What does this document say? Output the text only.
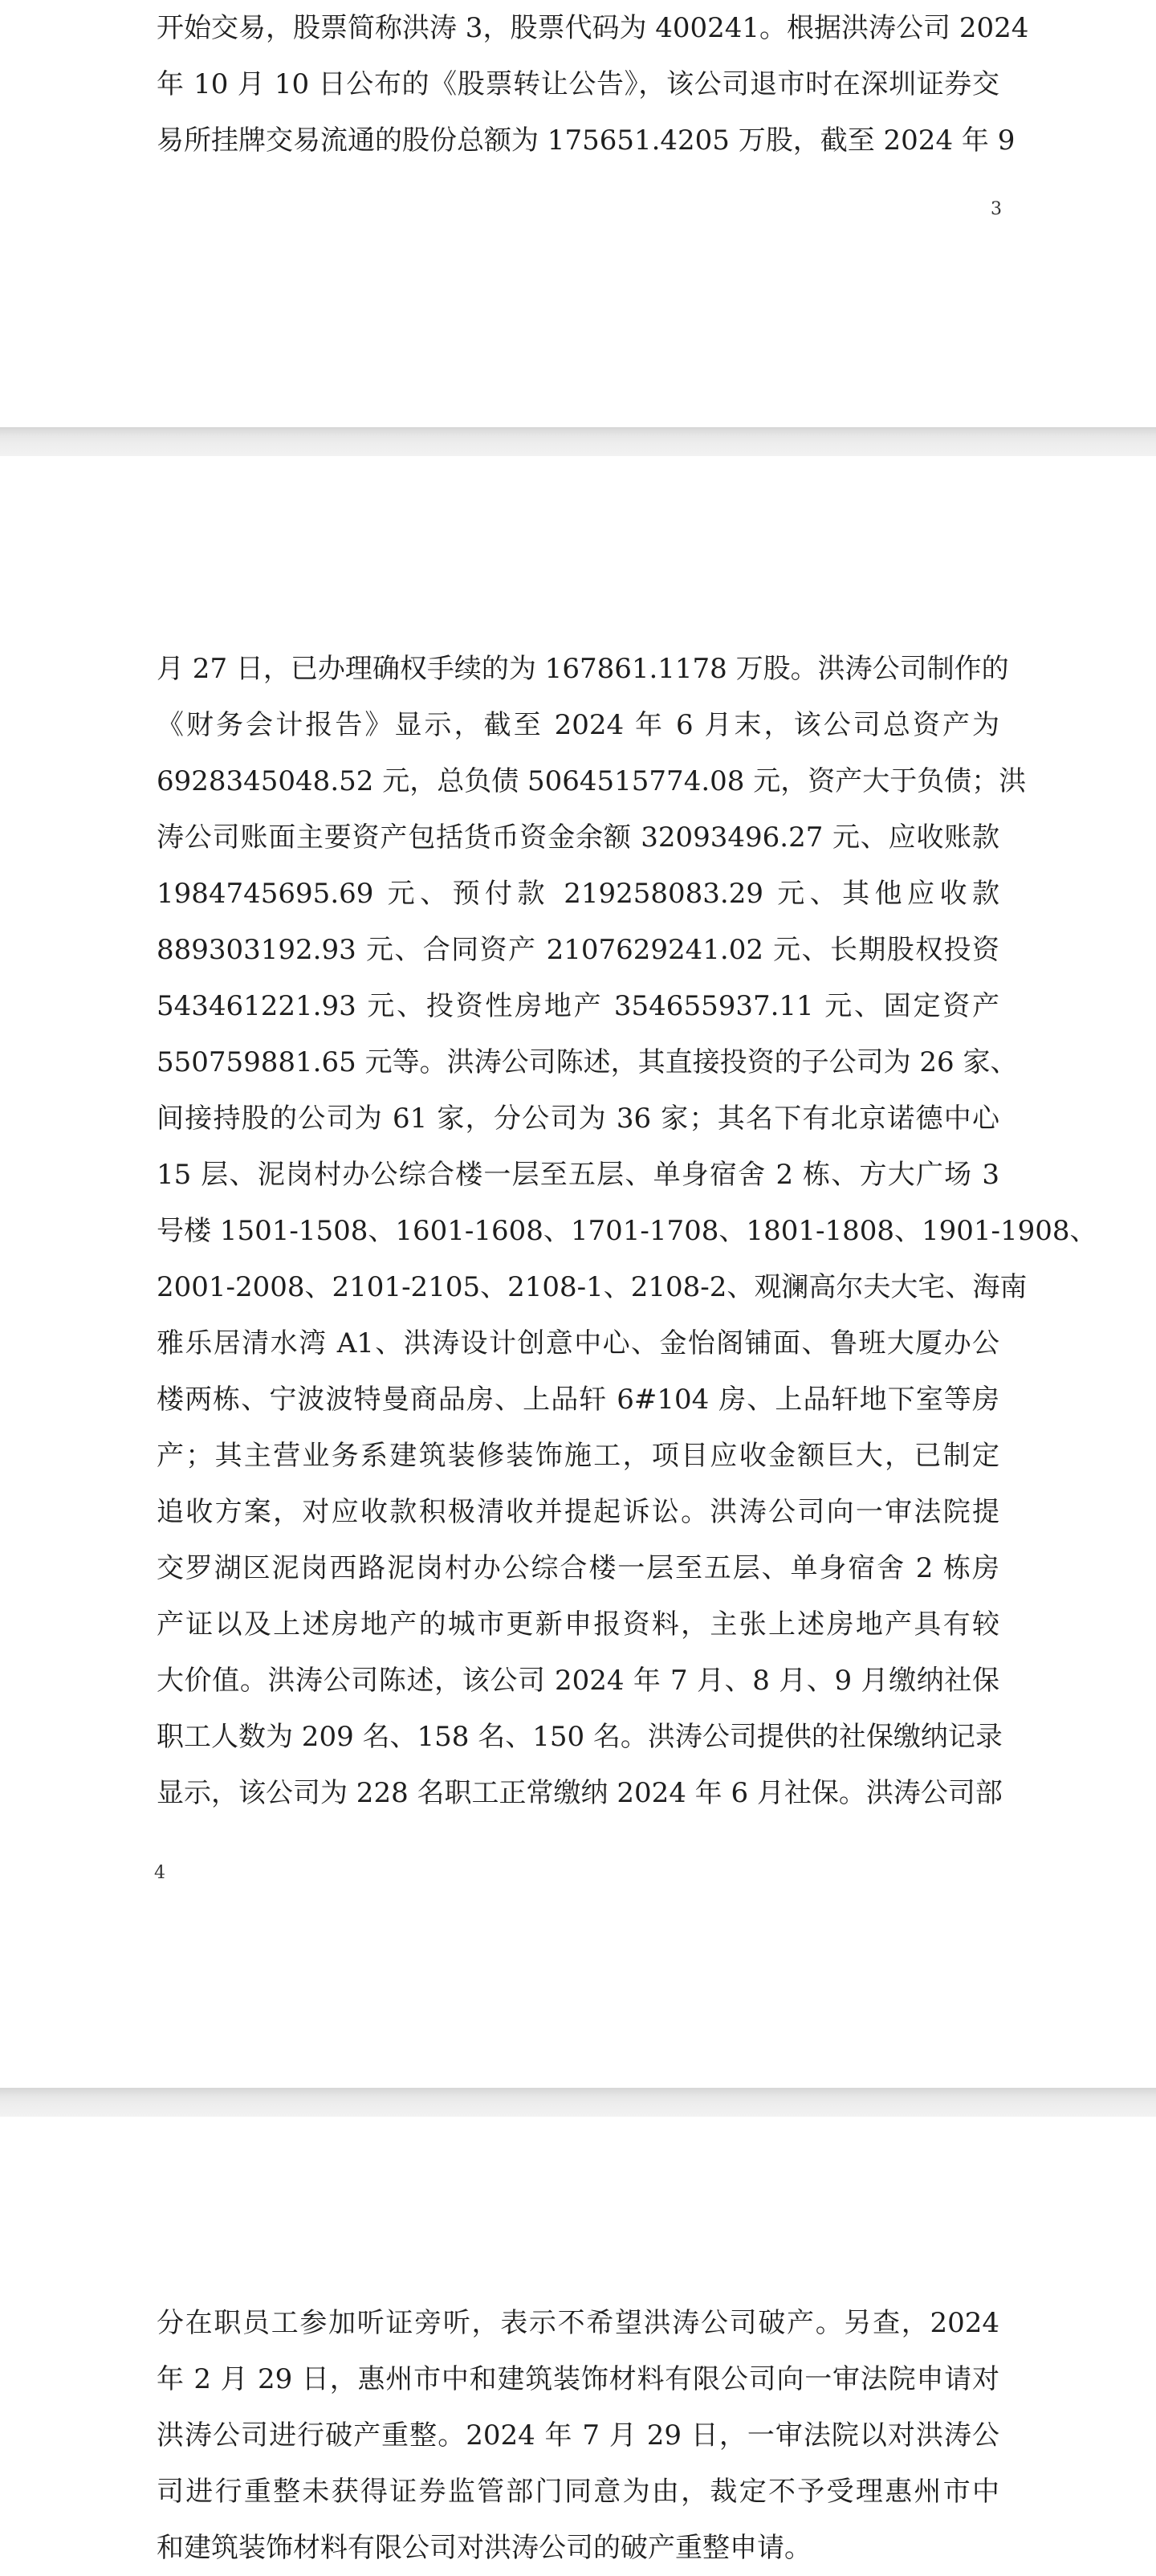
开始交易，股票简称洪涛 3，股票代码为 400241。根据洪涛公司 2024
年 10 月 10 日公布的《股票转让公告》，该公司退市时在深圳证券交
易所挂牌交易流通的股份总额为 175651.4205 万股，截至 2024 年 9
3
月 27 日，已办理确权手续的为 167861.1178 万股。洪涛公司制作的
《财务会计报告》显示，截至 2024 年 6 月末，该公司总资产为
6928345048.52 元，总负债 5064515774.08 元，资产大于负债；洪
涛公司账面主要资产包括货币资金余额 32093496.27 元、应收账款
1984745695.69 元、预付款 219258083.29 元、其他应收款
889303192.93 元、合同资产 2107629241.02 元、长期股权投资
543461221.93 元、投资性房地产 354655937.11 元、固定资产
550759881.65 元等。洪涛公司陈述，其直接投资的子公司为 26 家、
间接持股的公司为 61 家，分公司为 36 家；其名下有北京诺德中心
15 层、泥岗村办公综合楼一层至五层、单身宿舍 2 栋、方大广场 3
号楼 1501-1508、1601-1608、1701-1708、1801-1808、1901-1908、
2001-2008、2101-2105、2108-1、2108-2、观澜高尔夫大宅、海南
雅乐居清水湾 A1、洪涛设计创意中心、金怡阁铺面、鲁班大厦办公
楼两栋、宁波波特曼商品房、上品轩 6#104 房、上品轩地下室等房
产；其主营业务系建筑装修装饰施工，项目应收金额巨大，已制定
追收方案，对应收款积极清收并提起诉讼。洪涛公司向一审法院提
交罗湖区泥岗西路泥岗村办公综合楼一层至五层、单身宿舍 2 栋房
产证以及上述房地产的城市更新申报资料，主张上述房地产具有较
大价值。洪涛公司陈述，该公司 2024 年 7 月、8 月、9 月缴纳社保
职工人数为 209 名、158 名、150 名。洪涛公司提供的社保缴纳记录
显示，该公司为 228 名职工正常缴纳 2024 年 6 月社保。洪涛公司部
4
分在职员工参加听证旁听，表示不希望洪涛公司破产。另查，2024
年 2 月 29 日，惠州市中和建筑装饰材料有限公司向一审法院申请对
洪涛公司进行破产重整。2024 年 7 月 29 日，一审法院以对洪涛公
司进行重整未获得证券监管部门同意为由，裁定不予受理惠州市中
和建筑装饰材料有限公司对洪涛公司的破产重整申请。
